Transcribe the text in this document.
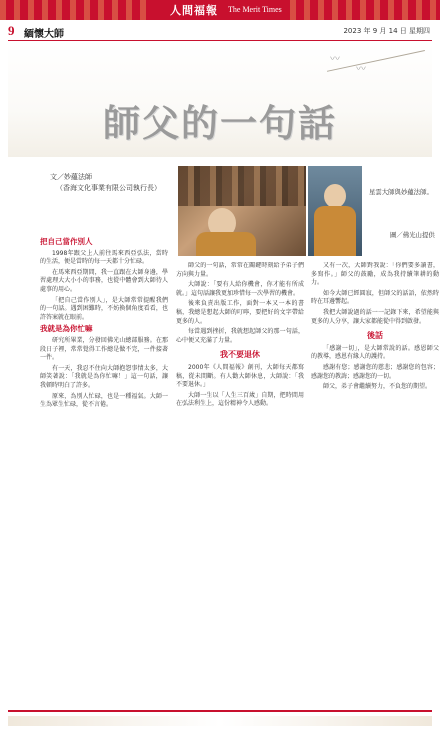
人間福報 The Merit Times
9 緬懷大師	2023 年 9 月 14 日 星期四
〰
〰
師父的一句話
文／妙蘊法師
（香海文化事業有限公司執行長）	星雲大師與妙蘊法師。
圖／佛光山提供
把自己當作別人

1998年跟父上人前往馬來西亞弘法，當時的生活，便是當時的每一天都十分忙碌。

在馬來西亞期間，我一直跟在大師身邊，學習處理大大小小的事務，也從中體會到大師待人處事的用心。

「把自己當作別人」，是大師常常提醒我們的一句話。遇到困難時，不妨換個角度看看，也許答案就在眼前。

我就是為你忙嘛

研究所畢業，分發回佛光山總部服務。在那段日子裡，常常覺得工作總是做不完，一件接著一件。

有一天，我忍不住向大師抱怨事情太多，大師笑著說：「我就是為你忙嘛！」這一句話，讓我頓時明白了許多。

原來，為別人忙碌，也是一種福氣。大師一生為眾生忙碌，從不言倦。

師父的一句話，常常在關鍵時刻給予弟子們方向與力量。

大師說：「要有人給你機會，你才能有所成就。」這句話讓我更加珍惜每一次學習的機會。

後來負責出版工作，面對一本又一本的書稿，我總是想起大師的叮嚀，要把好的文字帶給更多的人。

每當遇到挫折，我就想起師父的那一句話，心中便又充滿了力量。

我不要退休

2000年《人間福報》創刊，大師每天都寫稿，從未間斷。有人勸大師休息，大師說：「我不要退休。」

大師一生以「人生三百歲」自期，把時間用在弘法利生上，這份精神令人感動。

又有一次，大師對我說：「你們要多讀書，多寫作。」師父的鼓勵，成為我持續筆耕的動力。

如今大師已經圓寂，但師父的話語，依然時時在耳邊響起。

我把大師說過的話一一記錄下來，希望能與更多的人分享，讓大家都能從中得到啟發。

後話

「感謝一切」，是大師常說的話。感恩師父的教導，感恩有緣人的護持。

感謝有您；感謝您的慈悲；感謝您的包容；感謝您的教誨；感謝您的一切。

師父，弟子會繼續努力，不負您的期望。
